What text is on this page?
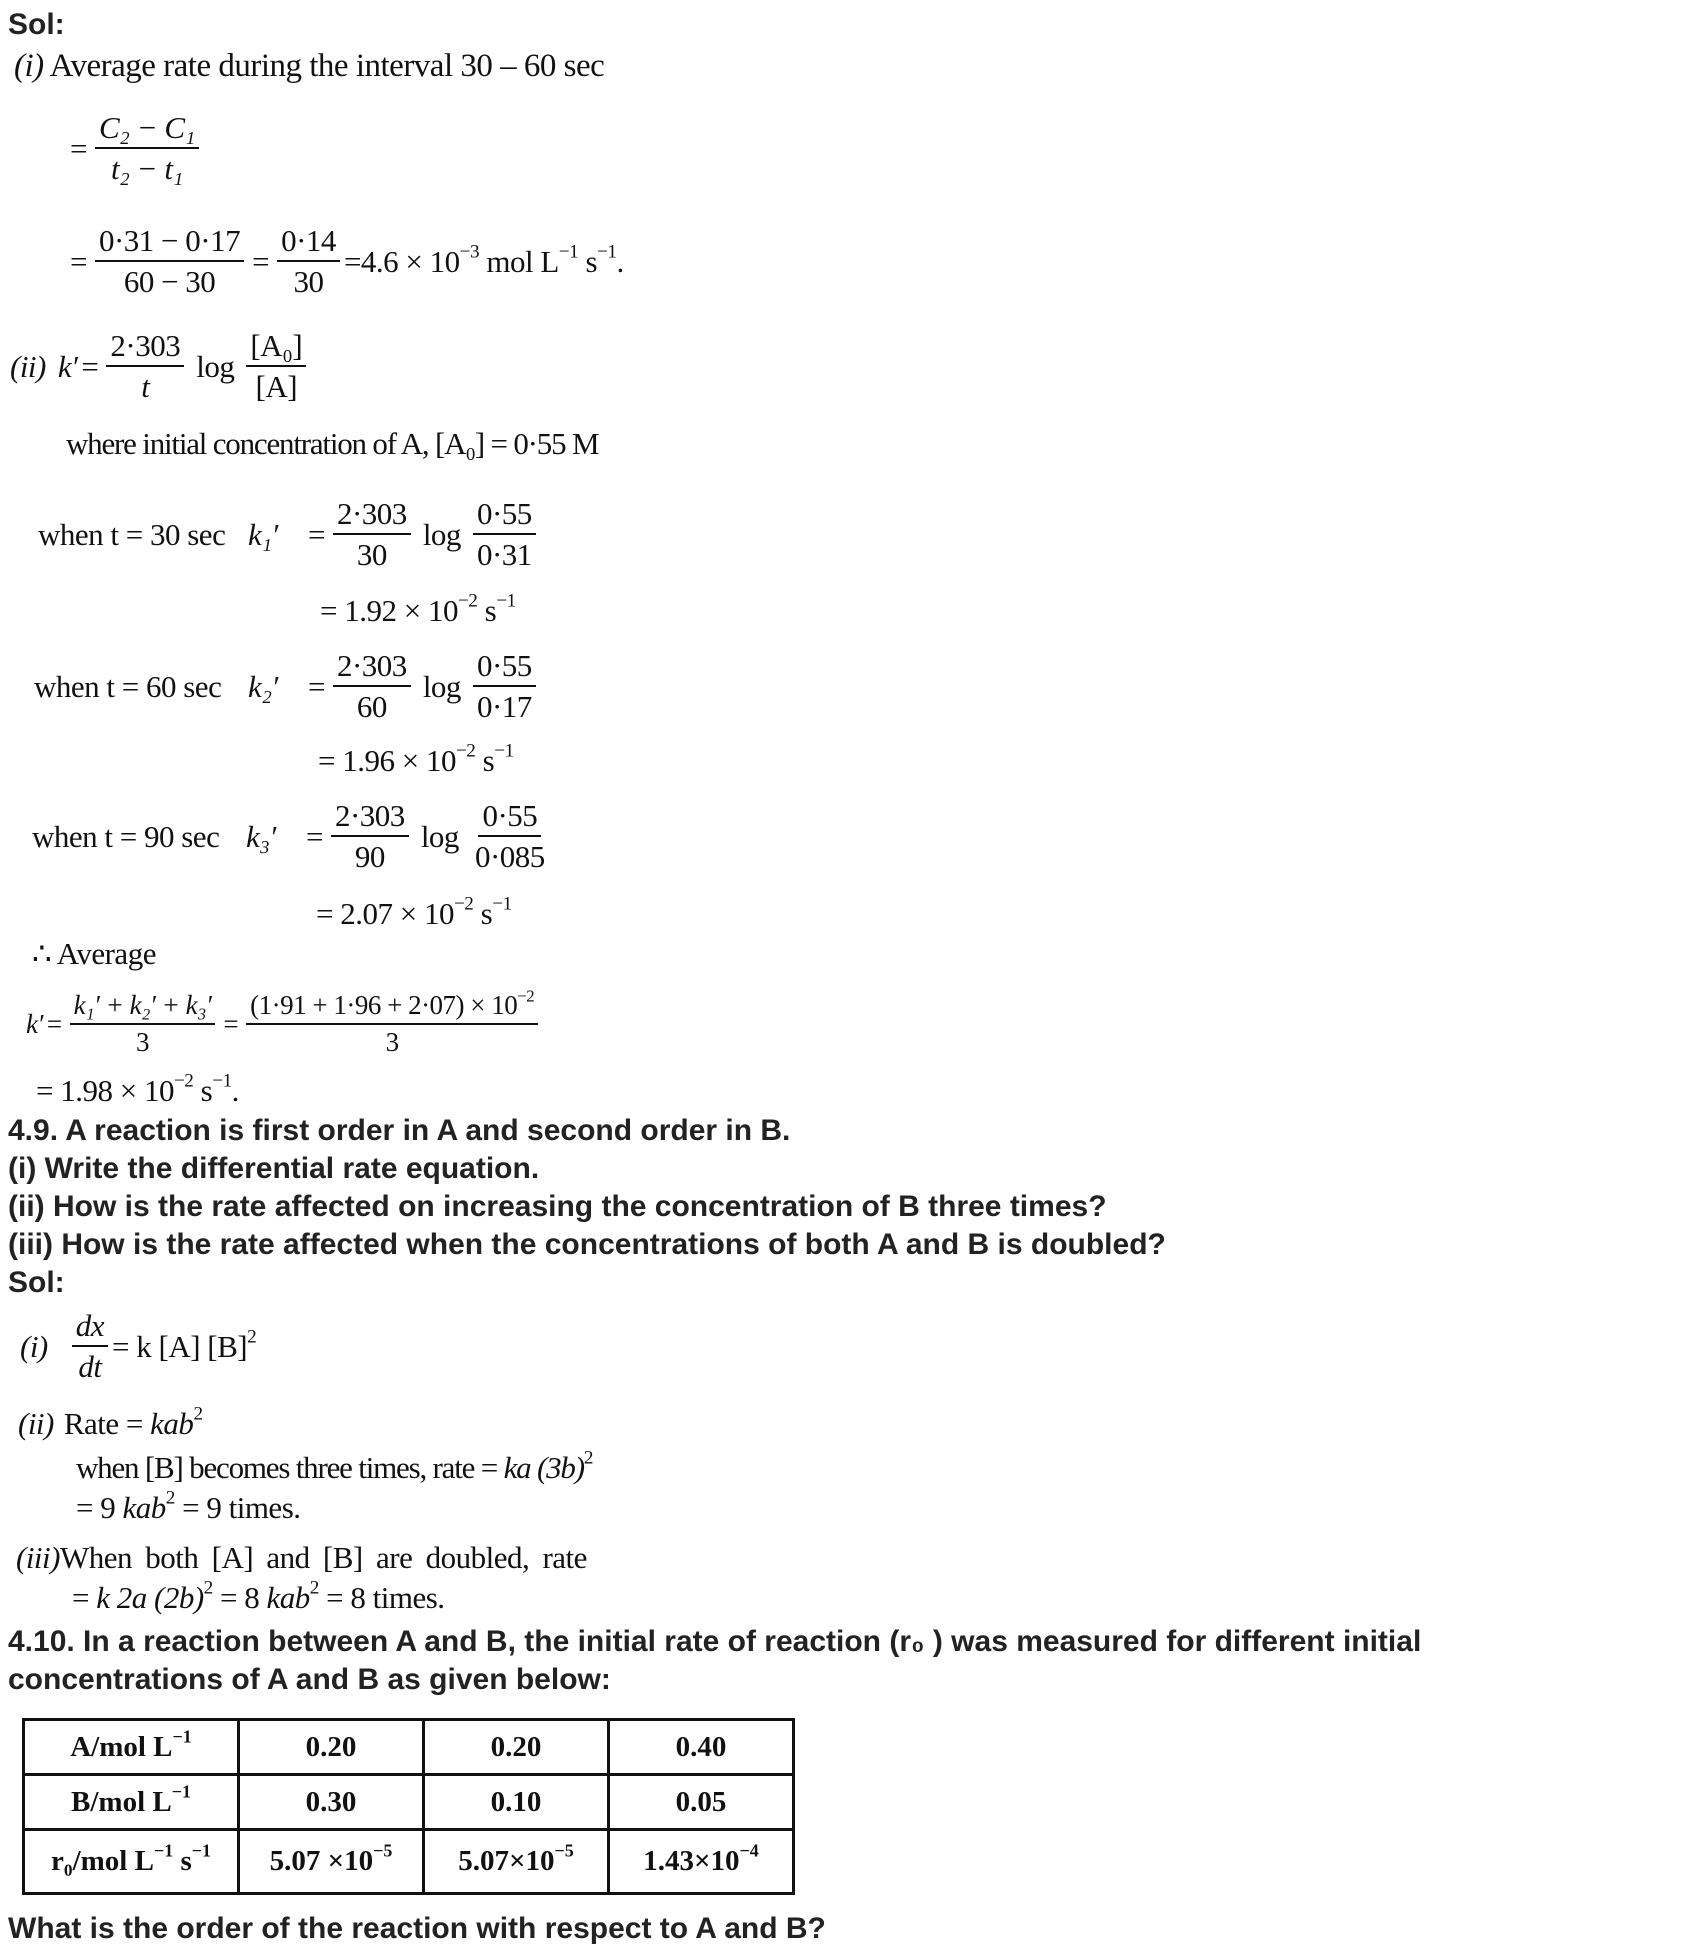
Sol:
(i) Average rate during the interval 30 – 60 sec
= $\frac{\text{C₂ − C₁}}{\text{t₂ − t₁}}$
= $\frac{0\cdot 31 - 0\cdot 17}{60 - 30} = \frac{0\cdot 14}{30} =4.6 \times 10^{-3}$ mol $L^{-1}$ $s^{-1}$.
(ii) $k' = \frac{2\cdot 303}{t}$ $\log \frac{\text{[A₀]}}{[A]}$
where initial concentration of A, [A₀] = 0·55 M
when t = 30 $\sec k_1' = \frac{2\cdot 303}{30}$ $\log \frac{0\cdot 55}{0\cdot 31}$
= $1.92 \times 10^{-2}$ $s^{-1}$
when t = 60 $\sec k_2' = \frac{2\cdot 303}{60}$ $\log \frac{0\cdot 55}{0\cdot 17}$
= $1.96 \times 10^{-2}$ $s^{-1}$
when t = 90 $\sec k_3' = \frac{2\cdot 303}{90}$ $\log \frac{0\cdot 55}{0\cdot 085}$
= $2.07 \times 10^{-2}$ $s^{-1}$
∴ Average
$k' = \frac{\text{k₁′ + k₂′ + k₃′}}{3} = \frac{(1\cdot 91 + 1\cdot 96 + 2\cdot 07) \times 10^{-2}}{3}$
= $1.98 \times 10^{-2}$ $s^{-1}$.
4.9. A reaction is first order in A and second order in B.
(i) Write the differential rate equation.
(ii) How is the rate affected on increasing the concentration of B three times?
(iii) How is the rate affected when the concentrations of both A and B is doubled?
Sol:
$(i) \frac{dx}{dt} = k$ [A] $[B]^2$
(ii) Rate = kab$^2$
when [B] becomes three times, rate = ka $(3b)^2$
= 9 kab$^2$ = 9 times.
(iii)When both [A] and [B] are doubled, rate
= k 2a $(2b)^2 = 8$ kab$^2$ = 8 times.
4.10. In a reaction between A and B, the initial rate of reaction (r₀ ) was measured for different initial
concentrations of A and B as given below:
A/mol $L^{-1}$	0.20	0.20	0.40
B/mol $L^{-1}$	0.30	0.10	0.05
r₀/mol $L^{-1}$ $s^{-1}$	$5.07 \times 10^{-5}$	$5.07\times 10^{-5}$	$1.43\times 10^{-4}$
What is the order of the reaction with respect to A and B?
